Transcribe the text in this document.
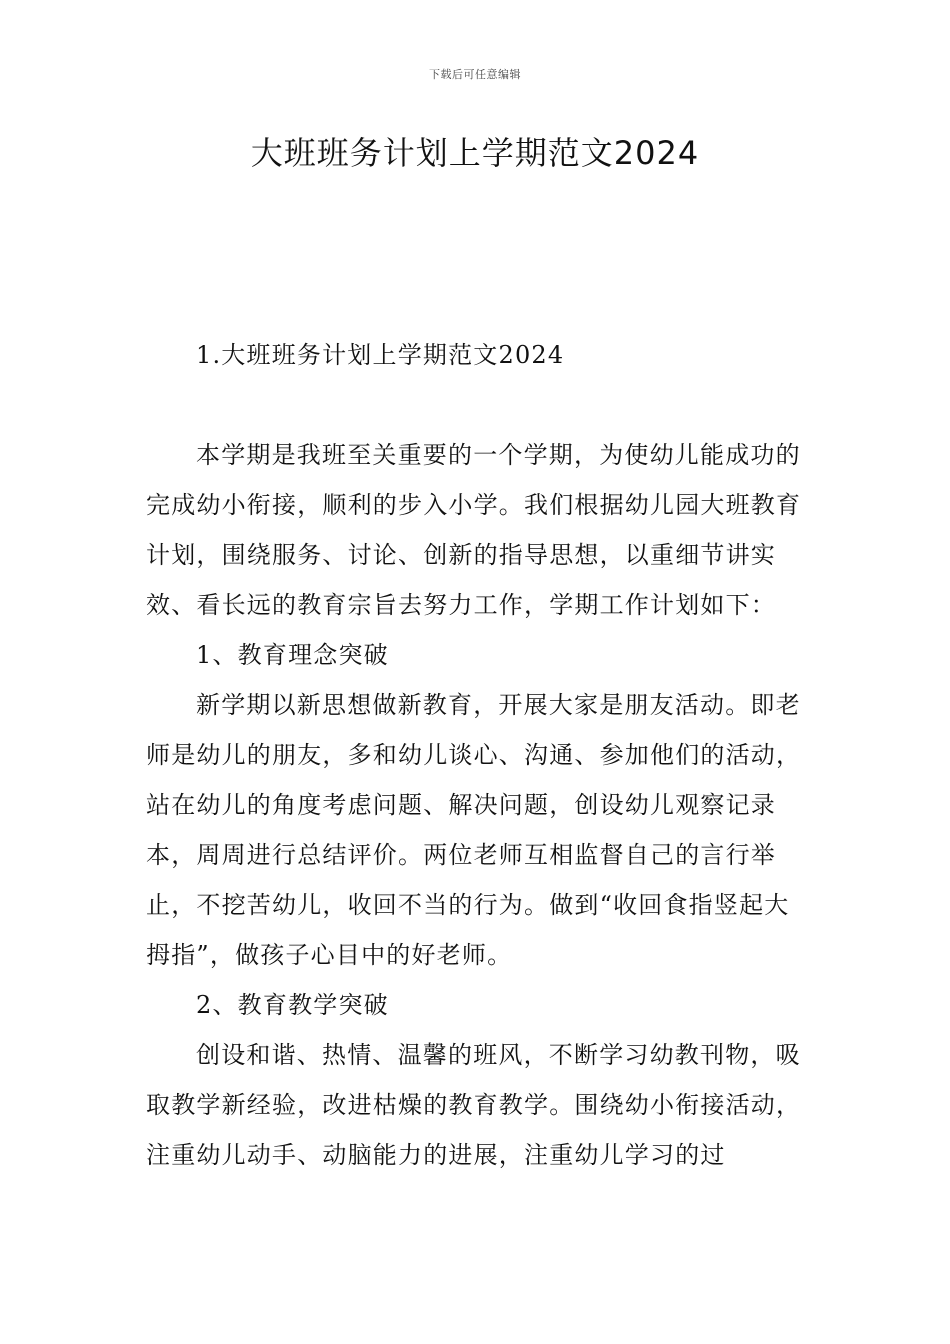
下载后可任意编辑
大班班务计划上学期范文2024

1.大班班务计划上学期范文2024

本学期是我班至关重要的一个学期，为使幼儿能成功的完成幼小衔接，顺利的步入小学。我们根据幼儿园大班教育计划，围绕服务、讨论、创新的指导思想，以重细节讲实效、看长远的教育宗旨去努力工作，学期工作计划如下：

1、教育理念突破

新学期以新思想做新教育，开展大家是朋友活动。即老师是幼儿的朋友，多和幼儿谈心、沟通、参加他们的活动，站在幼儿的角度考虑问题、解决问题，创设幼儿观察记录本，周周进行总结评价。两位老师互相监督自己的言行举止，不挖苦幼儿，收回不当的行为。做到“收回食指竖起大拇指”，做孩子心目中的好老师。

2、教育教学突破

创设和谐、热情、温馨的班风，不断学习幼教刊物，吸取教学新经验，改进枯燥的教育教学。围绕幼小衔接活动，注重幼儿动手、动脑能力的进展，注重幼儿学习的过
